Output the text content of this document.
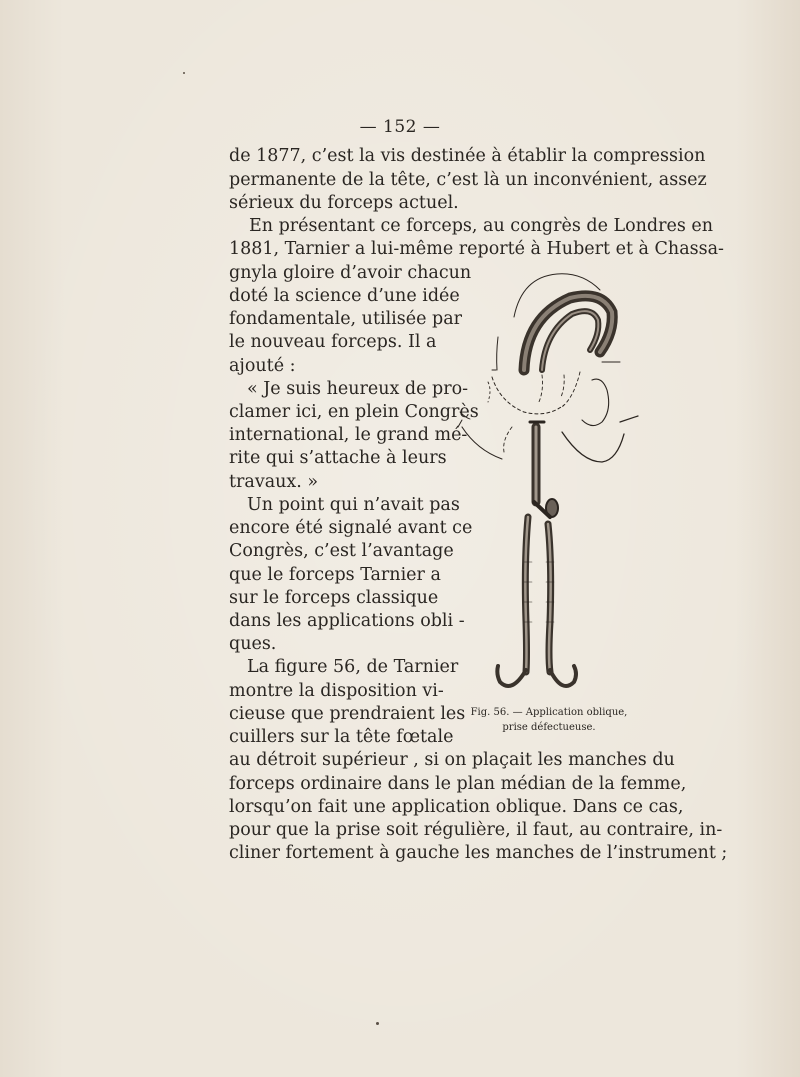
— 152 —
de 1877, c’est la vis destinée à établir la compression
permanente de la tête, c’est là un inconvénient, assez
sérieux du forceps actuel.
En présentant ce forceps, au congrès de Londres en
1881, Tarnier a lui-même reporté à Hubert et à Chassa-
gnyla gloire d’avoir chacun
doté la science d’une idée
fondamentale, utilisée par
le nouveau forceps. Il a
ajouté :
« Je suis heureux de pro-
clamer ici, en plein Congrès
international, le grand mé-
rite qui s’attache à leurs
travaux. »
Un point qui n’avait pas
encore été signalé avant ce
Congrès, c’est l’avantage
que le forceps Tarnier a
sur le forceps classique
dans les applications obli -
ques.
La figure 56, de Tarnier
montre la disposition vi-
cieuse que prendraient les
cuillers sur la tête fœtale
au détroit supérieur , si on plaçait les manches du
forceps ordinaire dans le plan médian de la femme,
lorsqu’on fait une application oblique. Dans ce cas,
pour que la prise soit régulière, il faut, au contraire, in-
cliner fortement à gauche les manches de l’instrument ;
Fig. 56. — Application oblique,
prise défectueuse.
